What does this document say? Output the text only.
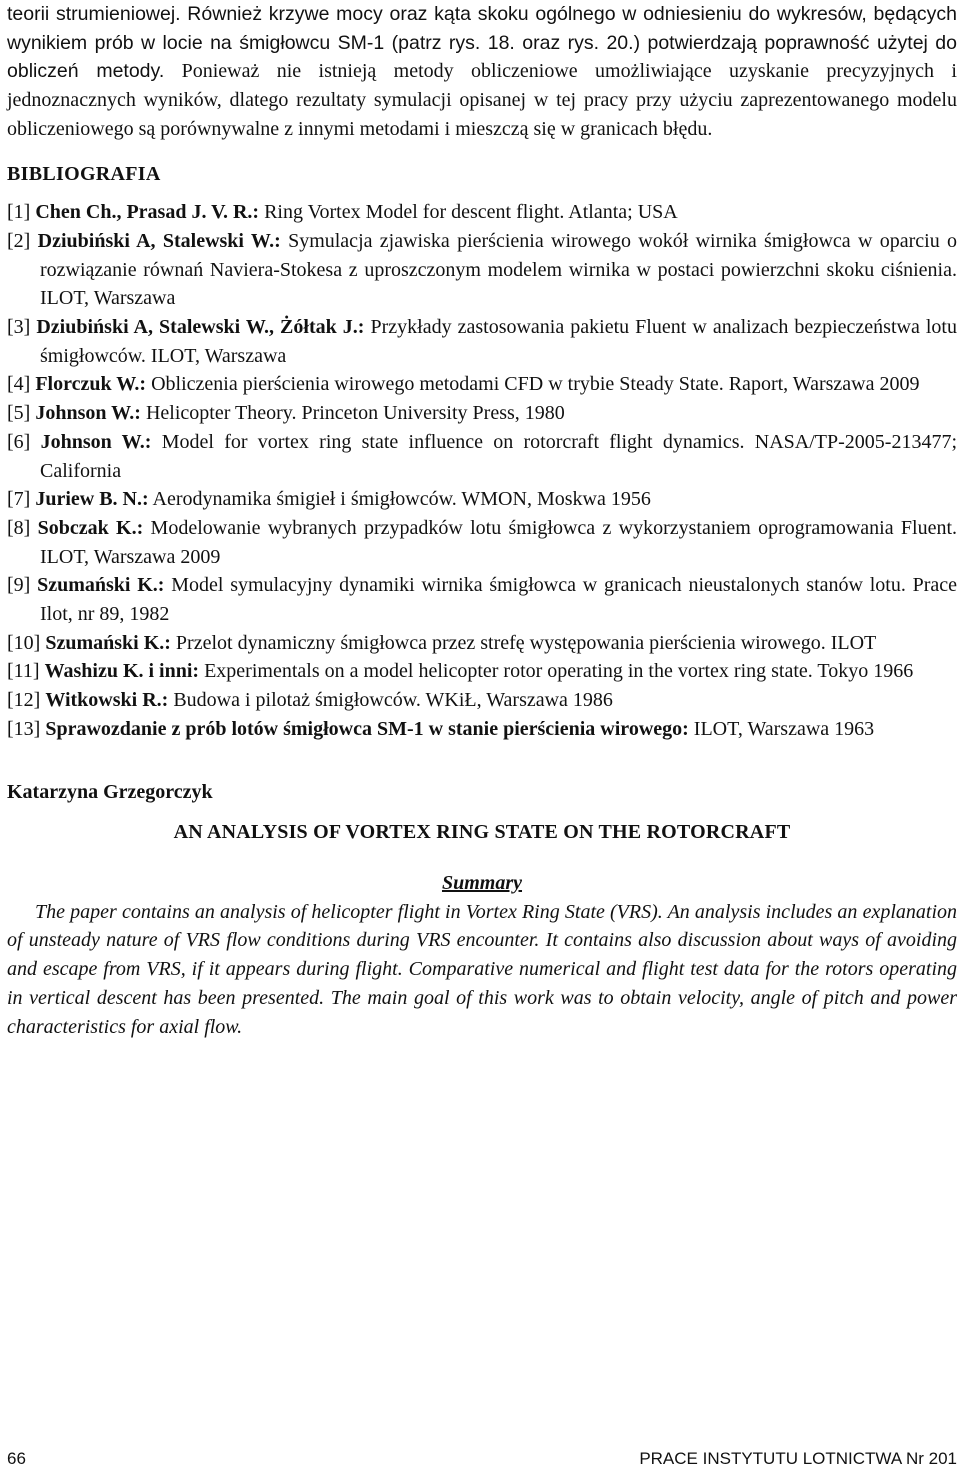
teorii strumieniowej. Również krzywe mocy oraz kąta skoku ogólnego w odniesieniu do wykresów, będących wynikiem prób w locie na śmigłowcu SM-1 (patrz rys. 18. oraz rys. 20.) potwierdzają poprawność użytej do obliczeń metody. Ponieważ nie istnieją metody obliczeniowe umożliwiające uzyskanie precyzyjnych i jednoznacznych wyników, dlatego rezultaty symulacji opisanej w tej pracy przy użyciu zaprezentowanego modelu obliczeniowego są porównywalne z innymi metodami i mieszczą się w granicach błędu.

BIBLIOGRAFIA
[1] Chen Ch., Prasad J. V. R.: Ring Vortex Model for descent flight. Atlanta; USA
[2] Dziubiński A, Stalewski W.: Symulacja zjawiska pierścienia wirowego wokół wirnika śmigłowca w oparciu o rozwiązanie równań Naviera-Stokesa z uproszczonym modelem wirnika w postaci powierzchni skoku ciśnienia. ILOT, Warszawa
[3] Dziubiński A, Stalewski W., Żółtak J.: Przykłady zastosowania pakietu Fluent w analizach bezpieczeństwa lotu śmigłowców. ILOT, Warszawa
[4] Florczuk W.: Obliczenia pierścienia wirowego metodami CFD w trybie Steady State. Raport, Warszawa 2009
[5] Johnson W.: Helicopter Theory. Princeton University Press, 1980
[6] Johnson W.: Model for vortex ring state influence on rotorcraft flight dynamics. NASA/TP-2005-213477; California
[7] Juriew B. N.: Aerodynamika śmigieł i śmigłowców. WMON, Moskwa 1956
[8] Sobczak K.: Modelowanie wybranych przypadków lotu śmigłowca z wykorzystaniem oprogramowania Fluent. ILOT, Warszawa 2009
[9] Szumański K.: Model symulacyjny dynamiki wirnika śmigłowca w granicach nieustalonych stanów lotu. Prace Ilot, nr 89, 1982
[10] Szumański K.: Przelot dynamiczny śmigłowca przez strefę występowania pierścienia wirowego. ILOT
[11] Washizu K. i inni: Experimentals on a model helicopter rotor operating in the vortex ring state. Tokyo 1966
[12] Witkowski R.: Budowa i pilotaż śmigłowców. WKiŁ, Warszawa 1986
[13] Sprawozdanie z prób lotów śmigłowca SM-1 w stanie pierścienia wirowego: ILOT, Warszawa 1963
Katarzyna Grzegorczyk
AN ANALYSIS OF VORTEX RING STATE ON THE ROTORCRAFT
Summary

The paper contains an analysis of helicopter flight in Vortex Ring State (VRS). An analysis includes an explanation of unsteady nature of VRS flow conditions during VRS encounter. It contains also discussion about ways of avoiding and escape from VRS, if it appears during flight. Comparative numerical and flight test data for the rotors operating in vertical descent has been presented. The main goal of this work was to obtain velocity, angle of pitch and power characteristics for axial flow.

66	PRACE INSTYTUTU LOTNICTWA Nr 201
